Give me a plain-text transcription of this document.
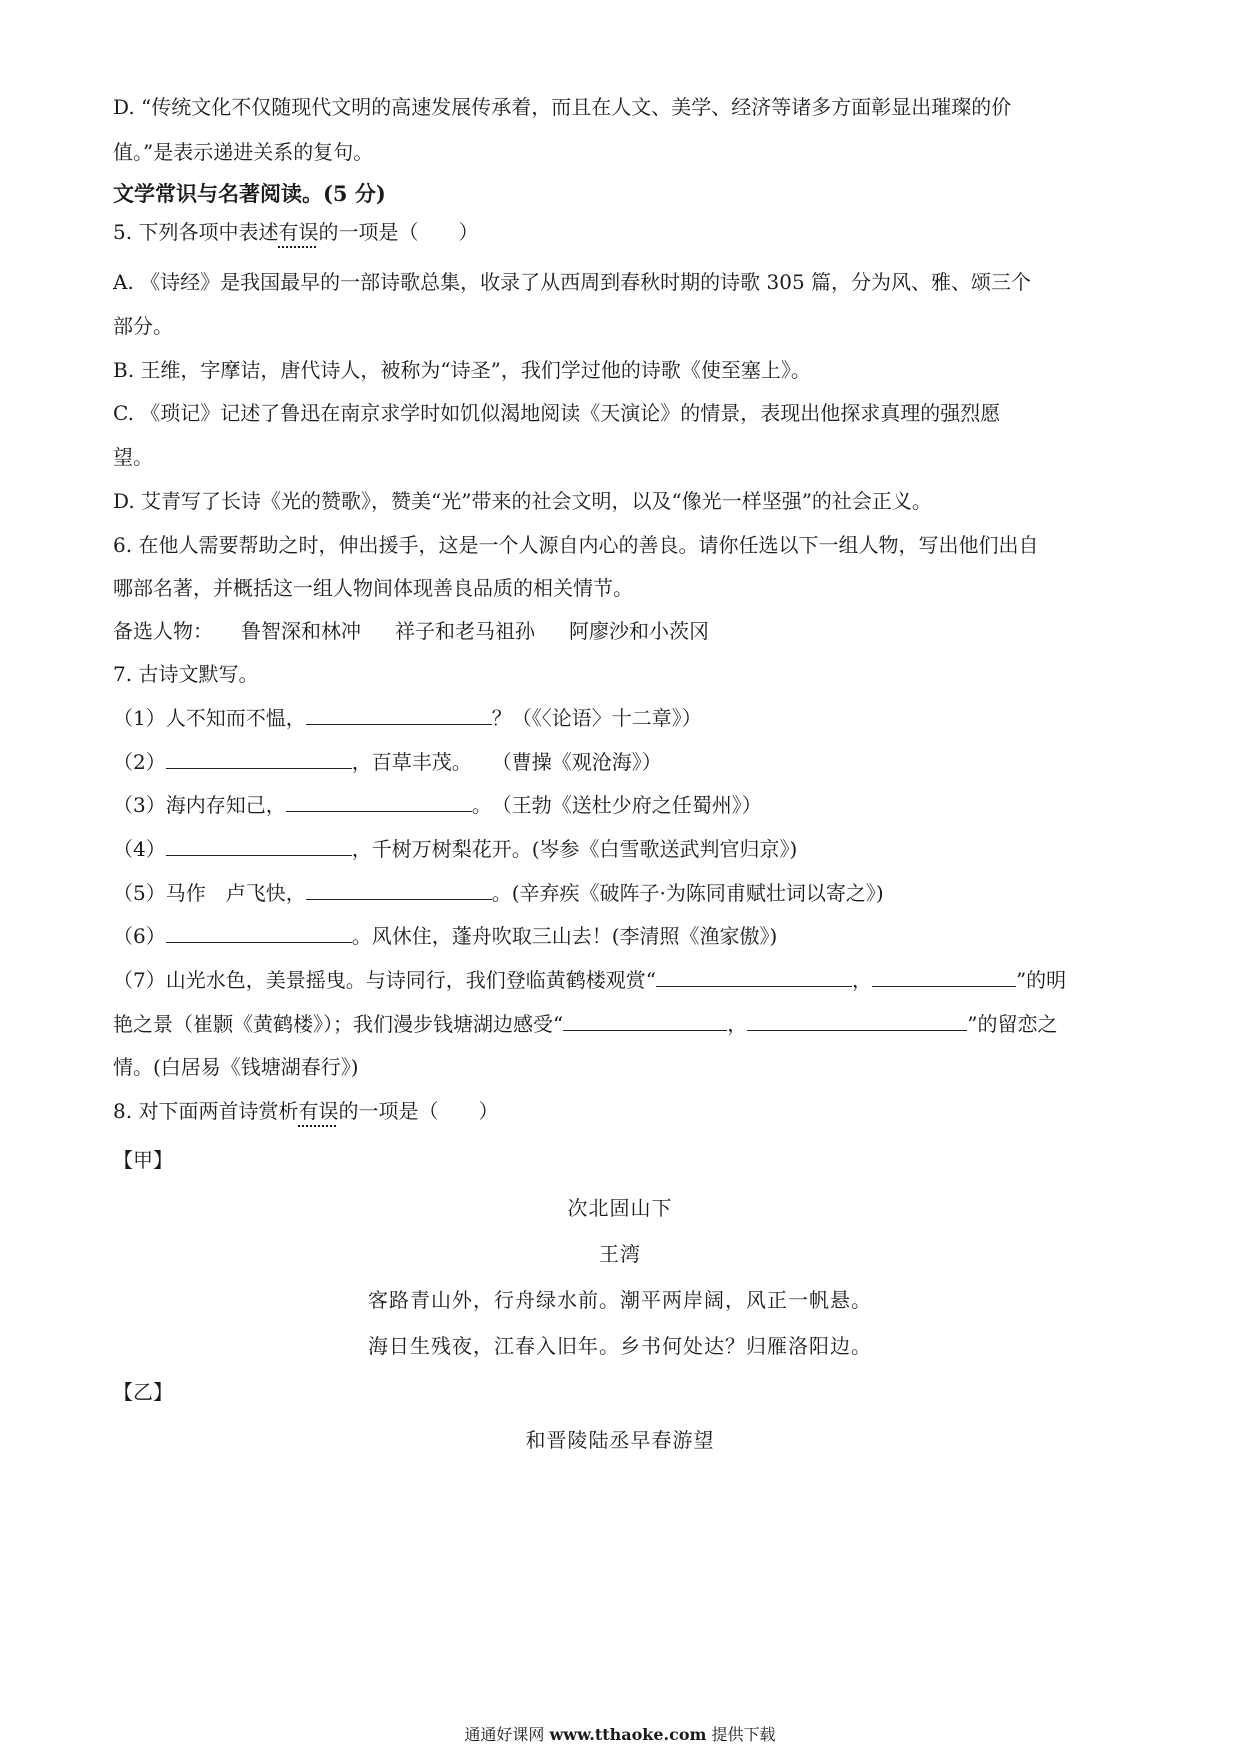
D. “传统文化不仅随现代文明的高速发展传承着，而且在人文、美学、经济等诸多方面彰显出璀璨的价
值。”是表示递进关系的复句。
文学常识与名著阅读。(5 分)
5. 下列各项中表述有误的一项是（　　）
A. 《诗经》是我国最早的一部诗歌总集，收录了从西周到春秋时期的诗歌 305 篇，分为风、雅、颂三个
部分。
B. 王维，字摩诘，唐代诗人，被称为“诗圣”，我们学过他的诗歌《使至塞上》。
C. 《琐记》记述了鲁迅在南京求学时如饥似渴地阅读《天演论》的情景，表现出他探求真理的强烈愿
望。
D. 艾青写了长诗《光的赞歌》，赞美“光”带来的社会文明，以及“像光一样坚强”的社会正义。
6. 在他人需要帮助之时，伸出援手，这是一个人源自内心的善良。请你任选以下一组人物，写出他们出自
哪部名著，并概括这一组人物间体现善良品质的相关情节。
备选人物： 鲁智深和林冲 祥子和老马祖孙 阿廖沙和小茨冈
7. 古诗文默写。
（1）人不知而不愠，	？（《〈论语〉十二章》）
（2）	，百草丰茂。　　（曹操《观沧海》）
（3）海内存知己，	。　（王勃《送杜少府之任蜀州》）
（4）	，千树万树梨花开。(岑参《白雪歌送武判官归京》)
（5）马作　卢飞快，	。(辛弃疾《破阵子·为陈同甫赋壮词以寄之》)
（6）	。风休住，蓬舟吹取三山去！(李清照《渔家傲》)
（7）山光水色，美景摇曳。与诗同行，我们登临黄鹤楼观赏“	，	”的明
艳之景（崔颢《黄鹤楼》）；我们漫步钱塘湖边感受“	，	”的留恋之
情。(白居易《钱塘湖春行》)
8. 对下面两首诗赏析有误的一项是（　　）
【甲】
次北固山下
王湾
客路青山外，行舟绿水前。潮平两岸阔，风正一帆悬。
海日生残夜，江春入旧年。乡书何处达？归雁洛阳边。
【乙】
和晋陵陆丞早春游望
通通好课网 www.tthaoke.com 提供下载
